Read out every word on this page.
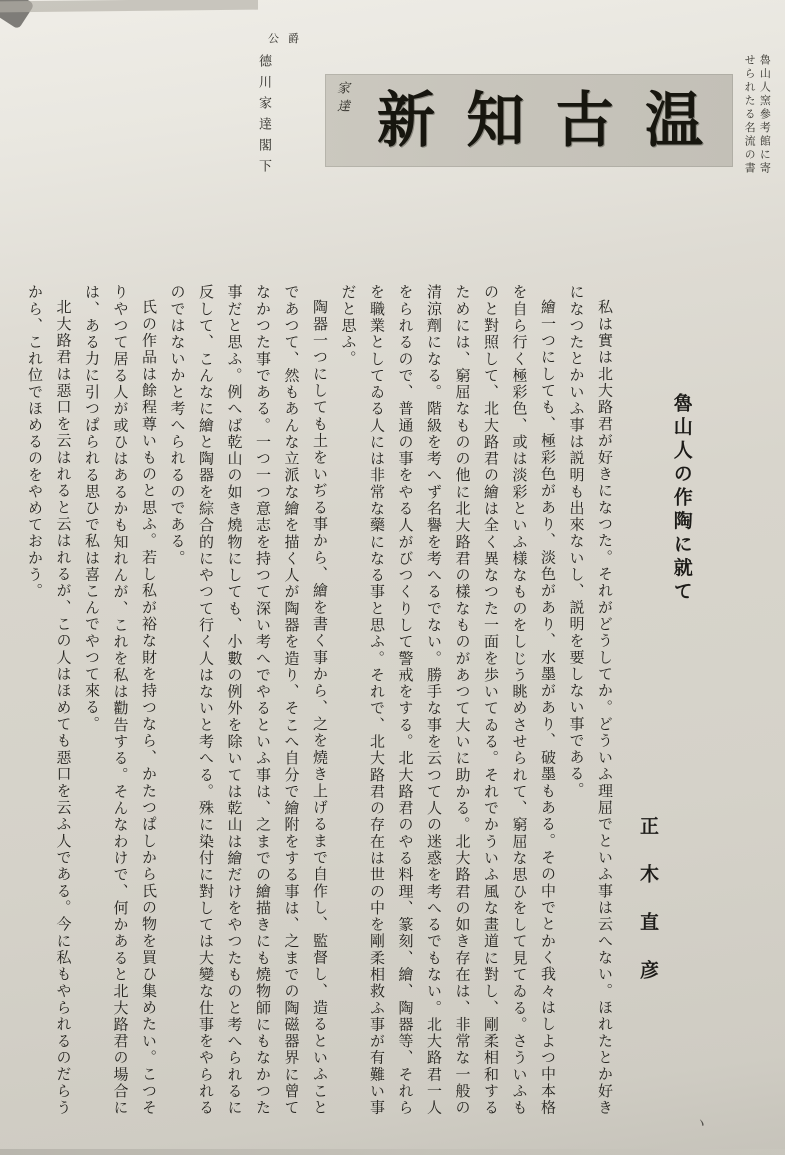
ヽ
公爵
德川家達閣下	温
古
知
新
家達	魯山人窯參考館に寄せられたる名流の書
魯山人の作陶に就て
正木直彦

私は實は北大路君が好きになつた。それがどうしてか。どういふ理屈でといふ事は云へない。ほれたとか好きになつたとかいふ事は説明も出來ないし、説明を要しない事である。

繪一つにしても、極彩色があり、淡色があり、水墨があり、破墨もある。その中でとかく我々はしよつ中本格を自ら行く極彩色、或は淡彩といふ様なものをしじう眺めさせられて、窮屈な思ひをして見てゐる。さういふものと對照して、北大路君の繪は全く異なつた一面を歩いてゐる。それでかういふ風な畫道に對し、剛柔相和するためには、窮屈なものの他に北大路君の樣なものがあつて大いに助かる。北大路君の如き存在は、非常な一般の清涼劑になる。階級を考へず名譽を考へるでない。勝手な事を云つて人の迷惑を考へるでもない。北大路君一人をられるので、普通の事をやる人がびつくりして警戒をする。北大路君のやる料理、篆刻、繪、陶器等、それらを職業としてゐる人には非常な藥になる事と思ふ。それで、北大路君の存在は世の中を剛柔相救ふ事が有難い事だと思ふ。

陶器一つにしても土をいぢる事から、繪を書く事から、之を燒き上げるまで自作し、監督し、造るといふことであつて、然もあんな立派な繪を描く人が陶器を造り、そこへ自分で繪附をする事は、之までの陶磁器界に曾てなかつた事である。一つ一つ意志を持つて深い考へでやるといふ事は、之までの繪描きにも燒物師にもなかつた事だと思ふ。例へば乾山の如き燒物にしても、小數の例外を除いては乾山は繪だけをやつたものと考へられるに反して、こんなに繪と陶器を綜合的にやつて行く人はないと考へる。殊に染付に對しては大變な仕事をやられるのではないかと考へられるのである。

氏の作品は餘程尊いものと思ふ。若し私が裕な財を持つなら、かたつぱしから氏の物を買ひ集めたい。こつそりやつて居る人が或ひはあるかも知れんが、これを私は勸告する。そんなわけで、何かあると北大路君の場合には、ある力に引つぱられる思ひで私は喜こんでやつて來る。

北大路君は惡口を云はれると云はれるが、この人はほめても惡口を云ふ人である。今に私もやられるのだらうから、これ位でほめるのをやめておかう。
